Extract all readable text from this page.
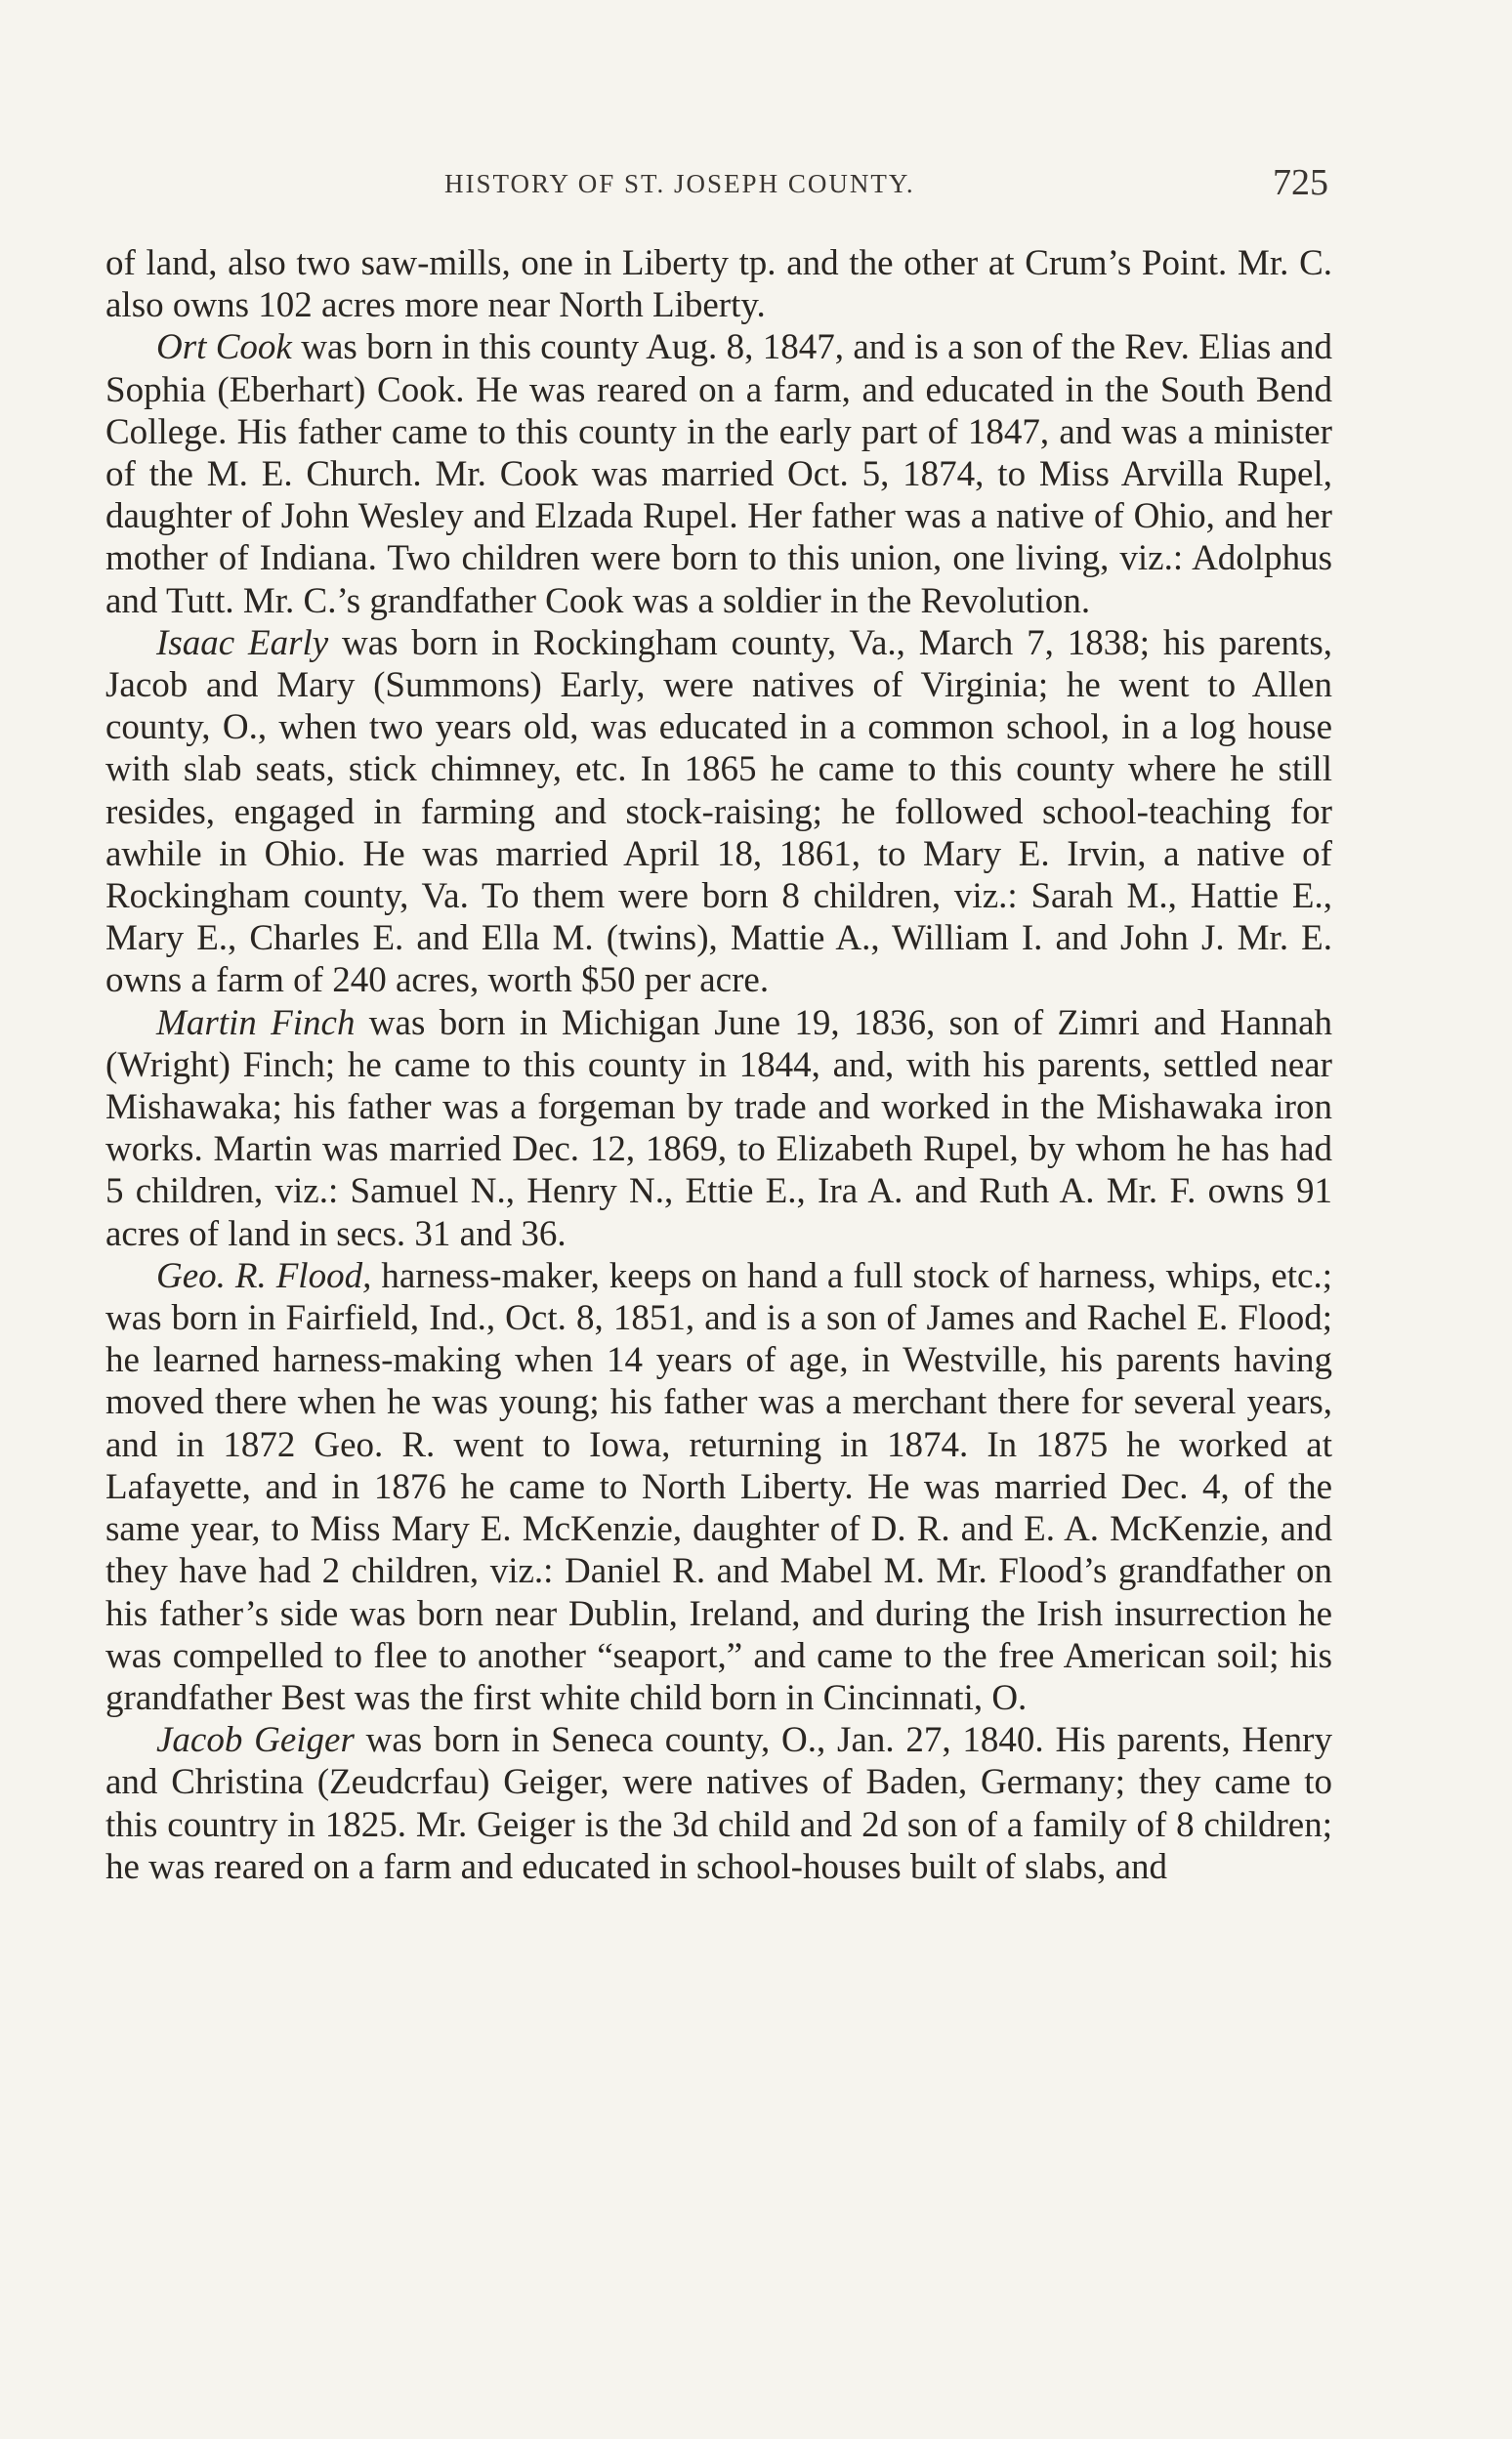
HISTORY OF ST. JOSEPH COUNTY.	725

of land, also two saw-mills, one in Liberty tp. and the other at Crum’s Point. Mr. C. also owns 102 acres more near North Liberty.

Ort Cook was born in this county Aug. 8, 1847, and is a son of the Rev. Elias and Sophia (Eberhart) Cook. He was reared on a farm, and educated in the South Bend College. His father came to this county in the early part of 1847, and was a minister of the M. E. Church. Mr. Cook was married Oct. 5, 1874, to Miss Arvilla Rupel, daughter of John Wesley and Elzada Rupel. Her father was a native of Ohio, and her mother of Indiana. Two children were born to this union, one living, viz.: Adolphus and Tutt. Mr. C.’s grandfather Cook was a soldier in the Revolution.

Isaac Early was born in Rockingham county, Va., March 7, 1838; his parents, Jacob and Mary (Summons) Early, were natives of Virginia; he went to Allen county, O., when two years old, was educated in a common school, in a log house with slab seats, stick chimney, etc. In 1865 he came to this county where he still resides, engaged in farming and stock-raising; he followed school-teaching for awhile in Ohio. He was married April 18, 1861, to Mary E. Irvin, a native of Rockingham county, Va. To them were born 8 children, viz.: Sarah M., Hattie E., Mary E., Charles E. and Ella M. (twins), Mattie A., William I. and John J. Mr. E. owns a farm of 240 acres, worth $50 per acre.

Martin Finch was born in Michigan June 19, 1836, son of Zimri and Hannah (Wright) Finch; he came to this county in 1844, and, with his parents, settled near Mishawaka; his father was a forgeman by trade and worked in the Mishawaka iron works. Martin was married Dec. 12, 1869, to Elizabeth Rupel, by whom he has had 5 children, viz.: Samuel N., Henry N., Ettie E., Ira A. and Ruth A. Mr. F. owns 91 acres of land in secs. 31 and 36.

Geo. R. Flood, harness-maker, keeps on hand a full stock of harness, whips, etc.; was born in Fairfield, Ind., Oct. 8, 1851, and is a son of James and Rachel E. Flood; he learned harness-making when 14 years of age, in Westville, his parents having moved there when he was young; his father was a merchant there for several years, and in 1872 Geo. R. went to Iowa, returning in 1874. In 1875 he worked at Lafayette, and in 1876 he came to North Liberty. He was married Dec. 4, of the same year, to Miss Mary E. McKenzie, daughter of D. R. and E. A. McKenzie, and they have had 2 children, viz.: Daniel R. and Mabel M. Mr. Flood’s grandfather on his father’s side was born near Dublin, Ireland, and during the Irish insurrection he was compelled to flee to another “seaport,” and came to the free American soil; his grandfather Best was the first white child born in Cincinnati, O.

Jacob Geiger was born in Seneca county, O., Jan. 27, 1840. His parents, Henry and Christina (Zeudcrfau) Geiger, were natives of Baden, Germany; they came to this country in 1825. Mr. Geiger is the 3d child and 2d son of a family of 8 children; he was reared on a farm and educated in school-houses built of slabs, and
